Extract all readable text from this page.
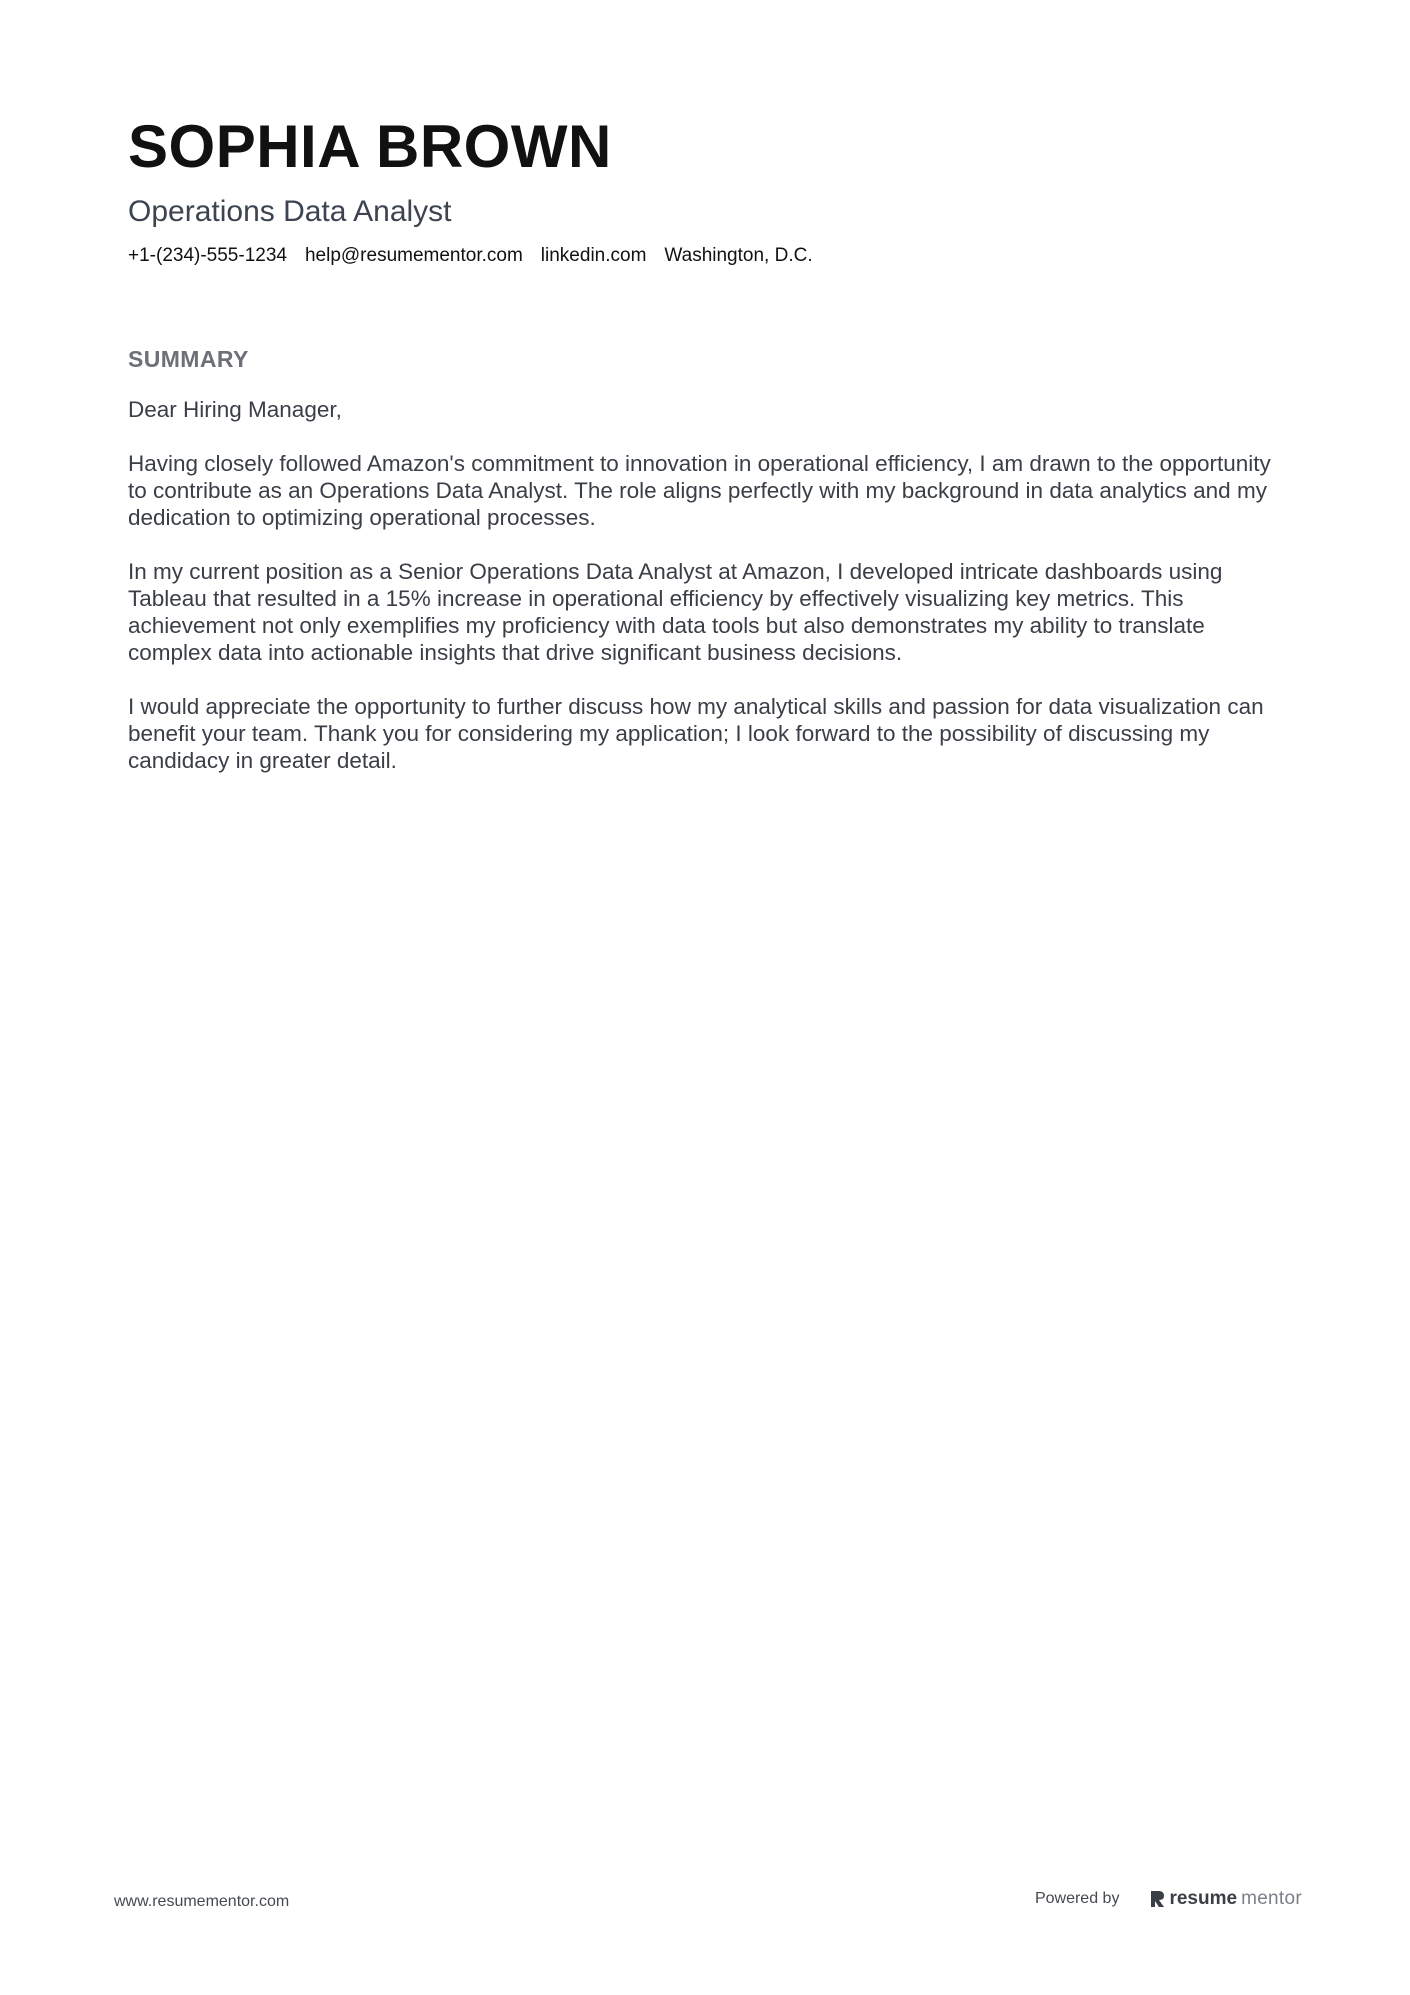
SOPHIA BROWN
Operations Data Analyst
+1-(234)-555-1234 help@resumementor.com linkedin.com Washington, D.C.
SUMMARY

Dear Hiring Manager,

Having closely followed Amazon's commitment to innovation in operational efficiency, I am drawn to the opportunity to contribute as an Operations Data Analyst. The role aligns perfectly with my background in data analytics and my dedication to optimizing operational processes.

In my current position as a Senior Operations Data Analyst at Amazon, I developed intricate dashboards using Tableau that resulted in a 15% increase in operational efficiency by effectively visualizing key metrics. This achievement not only exemplifies my proficiency with data tools but also demonstrates my ability to translate complex data into actionable insights that drive significant business decisions.

I would appreciate the opportunity to further discuss how my analytical skills and passion for data visualization can benefit your team. Thank you for considering my application; I look forward to the possibility of discussing my candidacy in greater detail.

www.resumementor.com	Powered by	resume mentor
